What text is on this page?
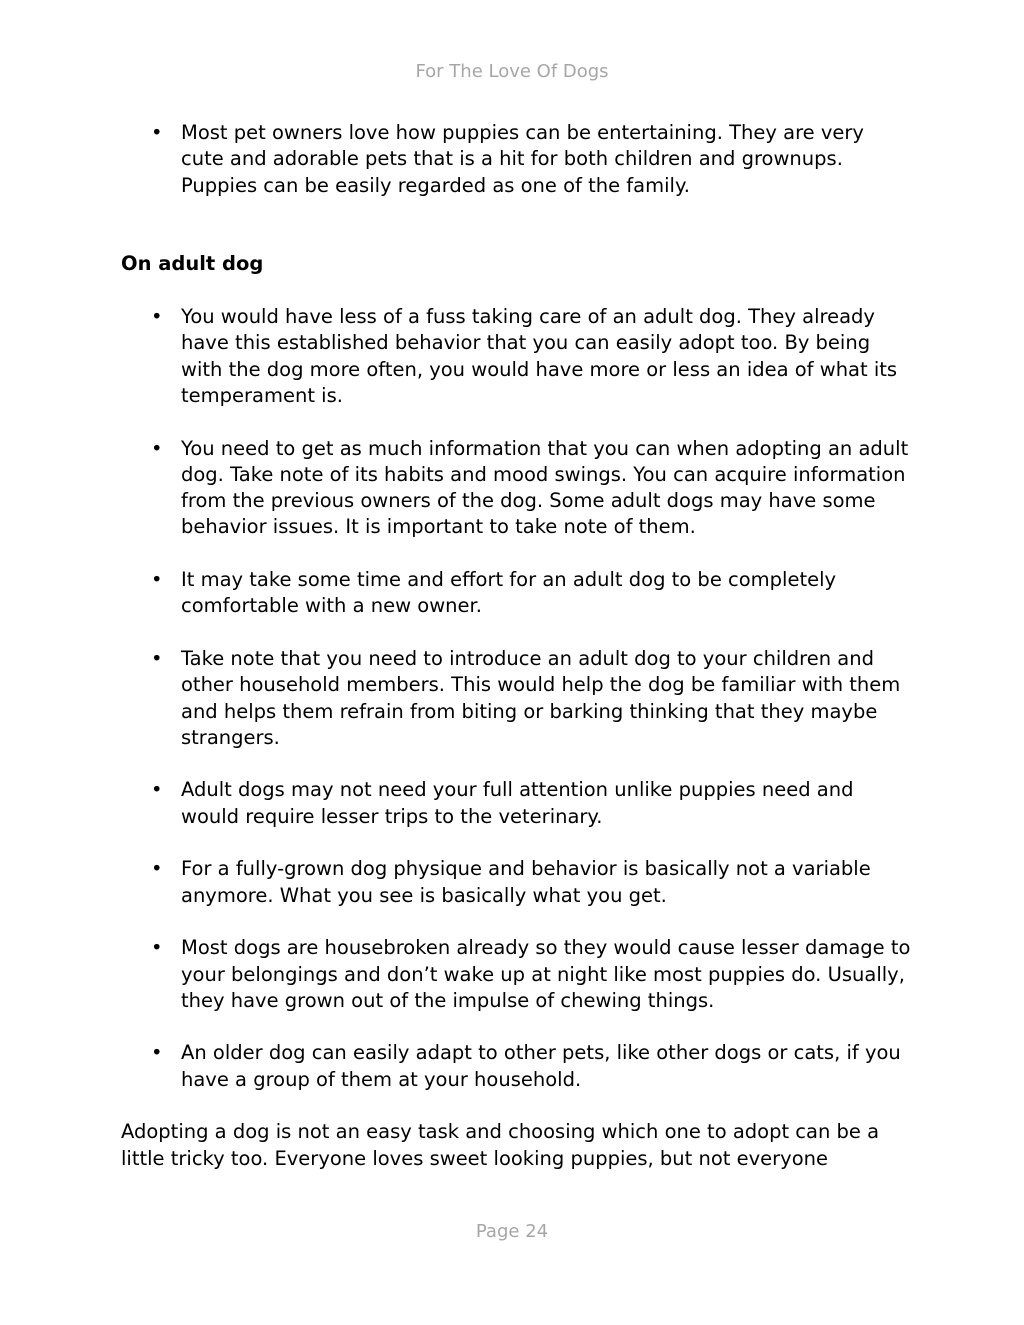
For The Love Of Dogs
• Most pet owners love how puppies can be entertaining. They are very cute and adorable pets that is a hit for both children and grownups. Puppies can be easily regarded as one of the family.
On adult dog
• You would have less of a fuss taking care of an adult dog. They already have this established behavior that you can easily adopt too. By being with the dog more often, you would have more or less an idea of what its temperament is.
• You need to get as much information that you can when adopting an adult dog. Take note of its habits and mood swings. You can acquire information from the previous owners of the dog. Some adult dogs may have some behavior issues. It is important to take note of them.
• It may take some time and effort for an adult dog to be completely comfortable with a new owner.
• Take note that you need to introduce an adult dog to your children and other household members. This would help the dog be familiar with them and helps them refrain from biting or barking thinking that they maybe strangers.
• Adult dogs may not need your full attention unlike puppies need and would require lesser trips to the veterinary.
• For a fully-grown dog physique and behavior is basically not a variable anymore. What you see is basically what you get.
• Most dogs are housebroken already so they would cause lesser damage to your belongings and don’t wake up at night like most puppies do. Usually, they have grown out of the impulse of chewing things.
• An older dog can easily adapt to other pets, like other dogs or cats, if you have a group of them at your household.

Adopting a dog is not an easy task and choosing which one to adopt can be a little tricky too. Everyone loves sweet looking puppies, but not everyone

Page 24
